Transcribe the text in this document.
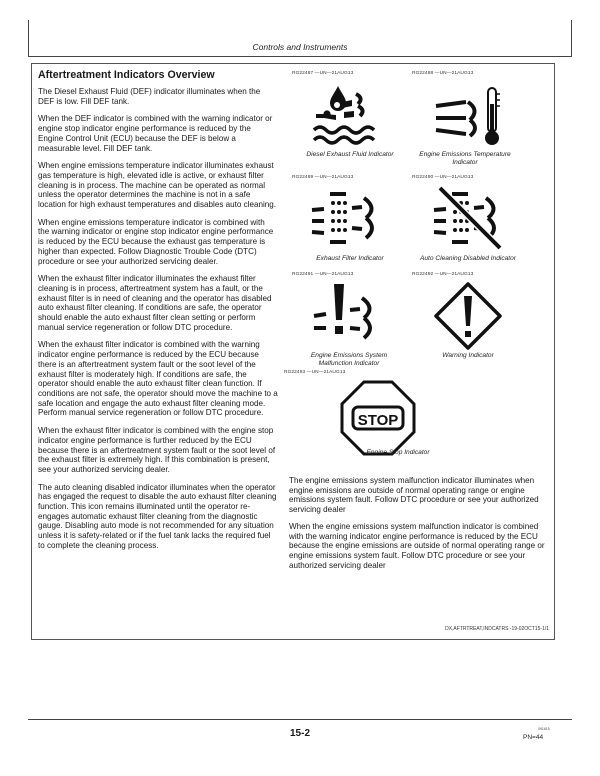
Controls and Instruments
Aftertreatment Indicators Overview

The Diesel Exhaust Fluid (DEF) indicator illuminates when the DEF is low. Fill DEF tank.

When the DEF indicator is combined with the warning indicator or engine stop indicator engine performance is reduced by the Engine Control Unit (ECU) because the DEF is below a measurable level. Fill DEF tank.

When engine emissions temperature indicator illuminates exhaust gas temperature is high, elevated idle is active, or exhaust filter cleaning is in process. The machine can be operated as normal unless the operator determines the machine is not in a safe location for high exhaust temperatures and disables auto cleaning.

When engine emissions temperature indicator is combined with the warning indicator or engine stop indicator engine performance is reduced by the ECU because the exhaust gas temperature is higher than expected. Follow Diagnostic Trouble Code (DTC) procedure or see your authorized servicing dealer.

When the exhaust filter indicator illuminates the exhaust filter cleaning is in process, aftertreatment system has a fault, or the exhaust filter is in need of cleaning and the operator has disabled auto exhaust filter cleaning. If conditions are safe, the operator should enable the auto exhaust filter clean setting or perform manual service regeneration or follow DTC procedure.

When the exhaust filter indicator is combined with the warning indicator engine performance is reduced by the ECU because there is an aftertreatment system fault or the soot level of the exhaust filter is moderately high. If conditions are safe, the operator should enable the auto exhaust filter clean function. If conditions are not safe, the operator should move the machine to a safe location and engage the auto exhaust filter cleaning mode. Perform manual service regeneration or follow DTC procedure.

When the exhaust filter indicator is combined with the engine stop indicator engine performance is further reduced by the ECU because there is an aftertreatment system fault or the soot level of the exhaust filter is extremely high. If this combination is present, see your authorized servicing dealer.

The auto cleaning disabled indicator illuminates when the operator has engaged the request to disable the auto exhaust filter cleaning function. This icon remains illuminated until the operator re-engages automatic exhaust filter cleaning from the diagnostic gauge. Disabling auto mode is not recommended for any situation unless it is safety-related or if the fuel tank lacks the required fuel to complete the cleaning process.

RG22487 —UN—21AUG13
Diesel Exhaust Fluid Indicator
RG22488 —UN—21AUG13
Engine Emissions Temperature Indicator
RG22489 —UN—21AUG13
Exhaust Filter Indicator
RG22490 —UN—21AUG13
Auto Cleaning Disabled Indicator
RG22491 —UN—21AUG13
Engine Emissions System Malfunction Indicator
RG22492 —UN—21AUG13
Warning Indicator
RG22493 —UN—21AUG13
STOP
Engine Stop Indicator

The engine emissions system malfunction indicator illuminates when engine emissions are outside of normal operating range or engine emissions system fault. Follow DTC procedure or see your authorized servicing dealer

When the engine emissions system malfunction indicator is combined with the warning indicator engine performance is reduced by the ECU because the engine emissions are outside of normal operating range or engine emissions system fault. Follow DTC procedure or see your authorized servicing dealer

DX,AFTRTREAT,INDCATRS -19-02OCT15-1/1
15-2	091615
PN=44
